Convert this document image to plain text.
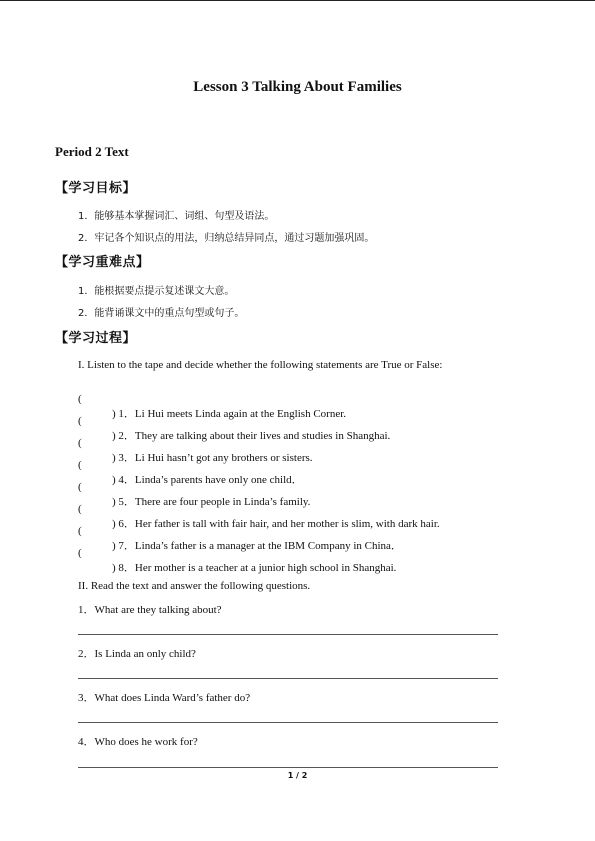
Lesson 3 Talking About Families
Period 2 Text
【学习目标】
1．能够基本掌握词汇、词组、句型及语法。
2．牢记各个知识点的用法，归纳总结异同点，通过习题加强巩固。
【学习重难点】
1．能根据要点提示复述课文大意。
2．能背诵课文中的重点句型或句子。
【学习过程】
I. Listen to the tape and decide whether the following statements are True or False:

(

) 1．Li Hui meets Linda again at the English Corner.

(

) 2．They are talking about their lives and studies in Shanghai.

(

) 3．Li Hui hasn’t got any brothers or sisters.

(

) 4．Linda’s parents have only one child．

(

) 5．There are four people in Linda’s family.

(

) 6．Her father is tall with fair hair, and her mother is slim, with dark hair.

(

) 7．Linda’s father is a manager at the IBM Company in China．

(

) 8．Her mother is a teacher at a junior high school in Shanghai.

II. Read the text and answer the following questions.
1．What are they talking about?
2．Is Linda an only child?
3．What does Linda Ward’s father do?
4．Who does he work for?
1 / 2
